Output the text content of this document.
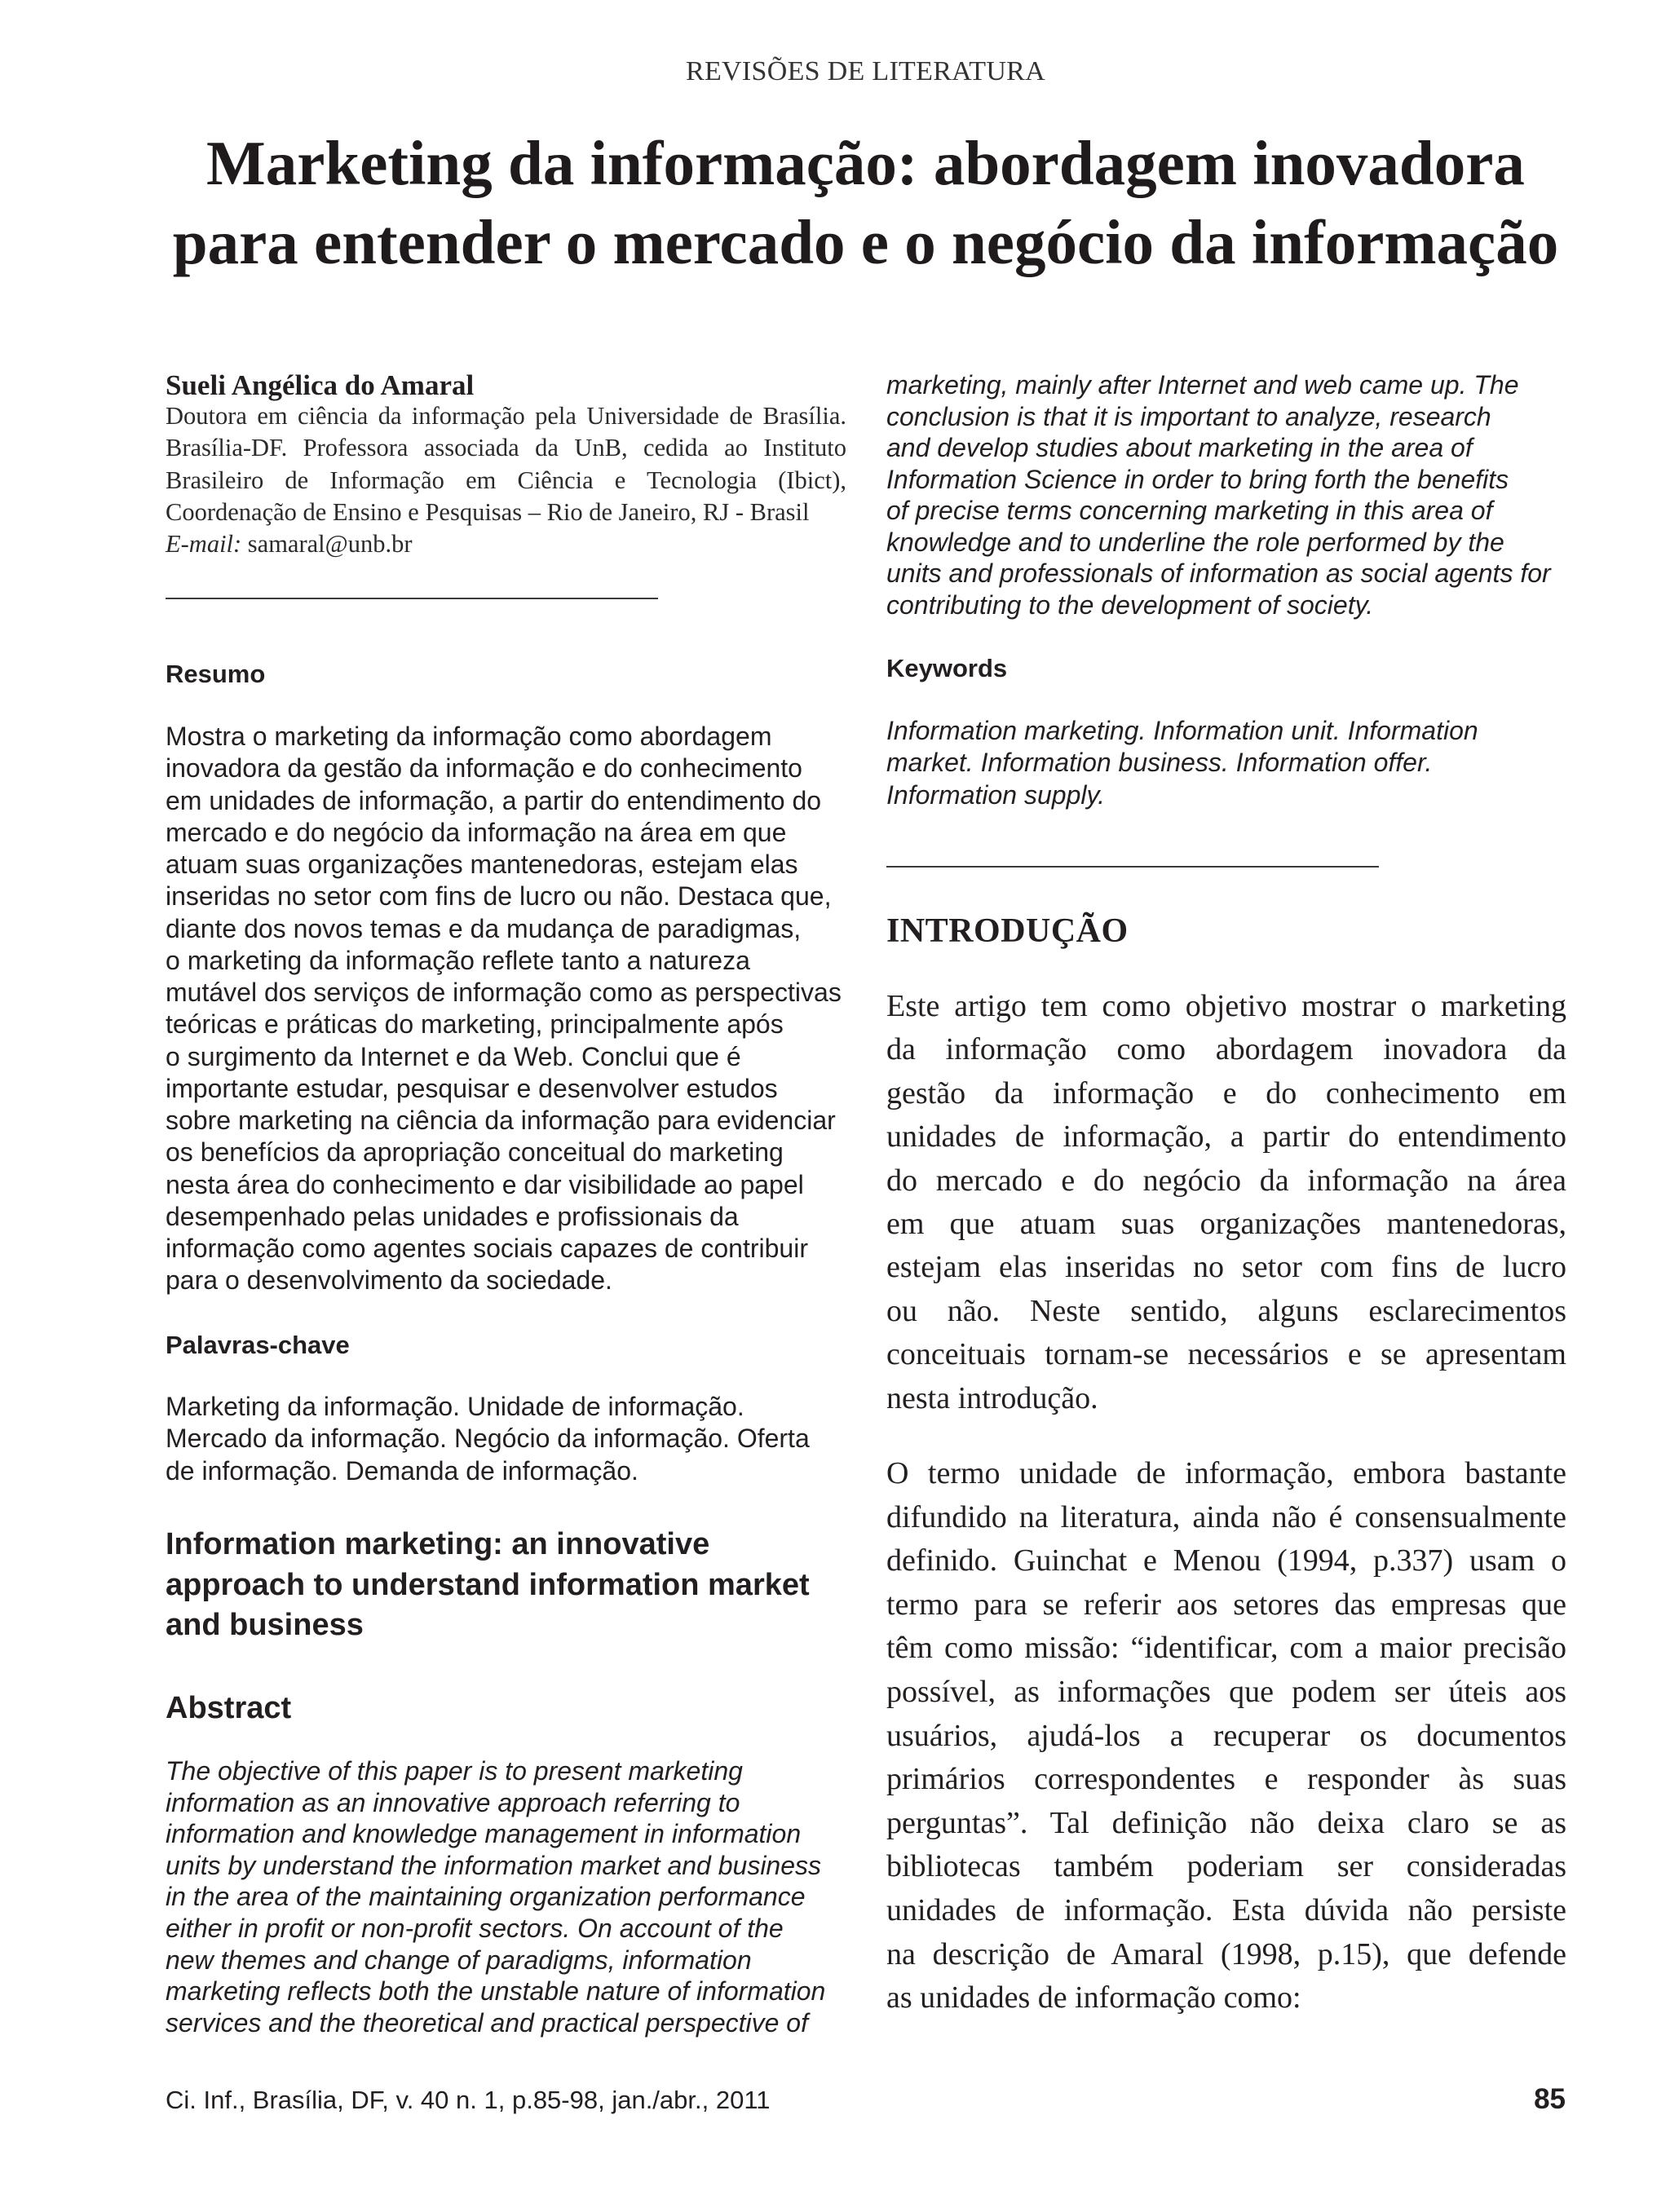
REVISÕES DE LITERATURA
Marketing da informação: abordagem inovadora
para entender o mercado e o negócio da informação
Sueli Angélica do Amaral
Doutora em ciência da informação pela Universidade de Brasília.
Brasília-DF. Professora associada da UnB, cedida ao Instituto
Brasileiro de Informação em Ciência e Tecnologia (Ibict),
Coordenação de Ensino e Pesquisas – Rio de Janeiro, RJ - Brasil
E-mail: samaral@unb.br
Resumo
Mostra o marketing da informação como abordagem
inovadora da gestão da informação e do conhecimento
em unidades de informação, a partir do entendimento do
mercado e do negócio da informação na área em que
atuam suas organizações mantenedoras, estejam elas
inseridas no setor com fins de lucro ou não. Destaca que,
diante dos novos temas e da mudança de paradigmas,
o marketing da informação reflete tanto a natureza
mutável dos serviços de informação como as perspectivas
teóricas e práticas do marketing, principalmente após
o surgimento da Internet e da Web. Conclui que é
importante estudar, pesquisar e desenvolver estudos
sobre marketing na ciência da informação para evidenciar
os benefícios da apropriação conceitual do marketing
nesta área do conhecimento e dar visibilidade ao papel
desempenhado pelas unidades e profissionais da
informação como agentes sociais capazes de contribuir
para o desenvolvimento da sociedade.
Palavras-chave
Marketing da informação. Unidade de informação.
Mercado da informação. Negócio da informação. Oferta
de informação. Demanda de informação.
Information marketing: an innovative
approach to understand information market
and business
Abstract
The objective of this paper is to present marketing
information as an innovative approach referring to
information and knowledge management in information
units by understand the information market and business
in the area of the maintaining organization performance
either in profit or non-profit sectors. On account of the
new themes and change of paradigms, information
marketing reflects both the unstable nature of information
services and the theoretical and practical perspective of
marketing, mainly after Internet and web came up. The
conclusion is that it is important to analyze, research
and develop studies about marketing in the area of
Information Science in order to bring forth the benefits
of precise terms concerning marketing in this area of
knowledge and to underline the role performed by the
units and professionals of information as social agents for
contributing to the development of society.
Keywords
Information marketing. Information unit. Information
market. Information business. Information offer.
Information supply.
INTRODUÇÃO
Este artigo tem como objetivo mostrar o marketing
da informação como abordagem inovadora da
gestão da informação e do conhecimento em
unidades de informação, a partir do entendimento
do mercado e do negócio da informação na área
em que atuam suas organizações mantenedoras,
estejam elas inseridas no setor com fins de lucro
ou não. Neste sentido, alguns esclarecimentos
conceituais tornam-se necessários e se apresentam
nesta introdução.
O termo unidade de informação, embora bastante
difundido na literatura, ainda não é consensualmente
definido. Guinchat e Menou (1994, p.337) usam o
termo para se referir aos setores das empresas que
têm como missão: “identificar, com a maior precisão
possível, as informações que podem ser úteis aos
usuários, ajudá-los a recuperar os documentos
primários correspondentes e responder às suas
perguntas”. Tal definição não deixa claro se as
bibliotecas também poderiam ser consideradas
unidades de informação. Esta dúvida não persiste
na descrição de Amaral (1998, p.15), que defende
as unidades de informação como:
Ci. Inf., Brasília, DF, v. 40 n. 1, p.85-98, jan./abr., 2011	85
